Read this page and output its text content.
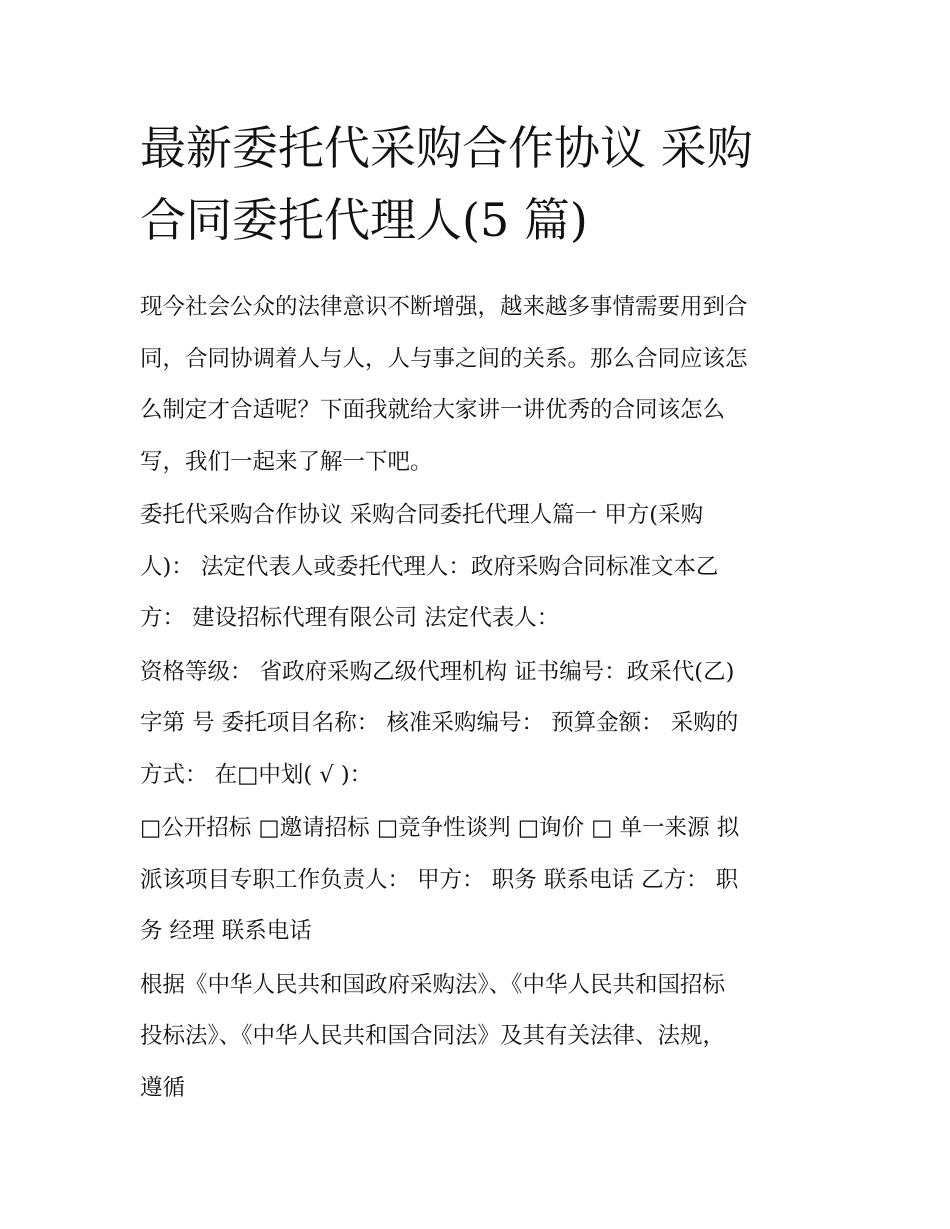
最新委托代采购合作协议 采购
合同委托代理人(5 篇)

现今社会公众的法律意识不断增强，越来越多事情需要用到合
同，合同协调着人与人，人与事之间的关系。那么合同应该怎
么制定才合适呢？下面我就给大家讲一讲优秀的合同该怎么
写，我们一起来了解一下吧。

委托代采购合作协议 采购合同委托代理人篇一 甲方(采购
人)： 法定代表人或委托代理人：政府采购合同标准文本乙
方： 建设招标代理有限公司 法定代表人：

资格等级： 省政府采购乙级代理机构 证书编号：政采代(乙)
字第 号 委托项目名称： 核准采购编号： 预算金额： 采购的
方式： 在□中划( √ )：

□公开招标 □邀请招标 □竞争性谈判 □询价 □ 单一来源 拟
派该项目专职工作负责人： 甲方： 职务 联系电话 乙方： 职
务 经理 联系电话

根据《中华人民共和国政府采购法》、《中华人民共和国招标
投标法》、《中华人民共和国合同法》及其有关法律、法规，
遵循
